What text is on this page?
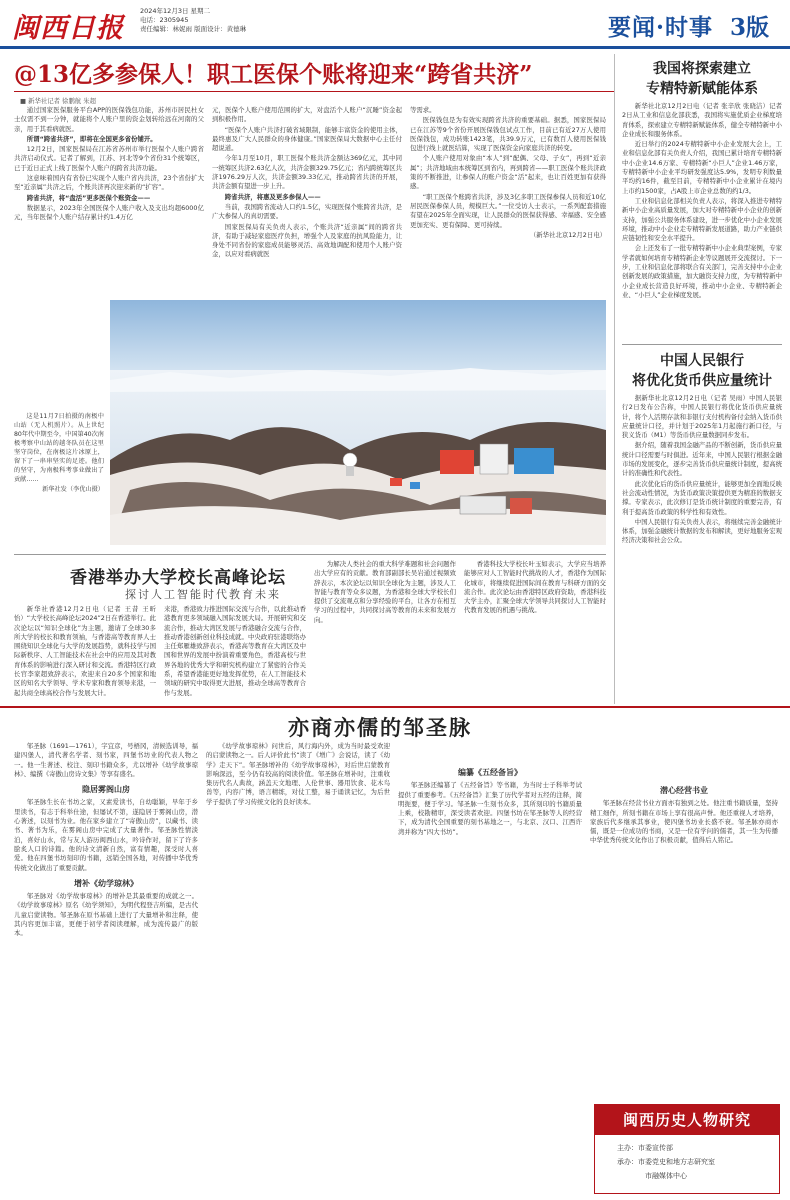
闽西日报
2024年12月3日 星期二
电话：2305945
责任编辑：林妮雨 版面设计：黄德琳	要闻·时事 3版
@13亿多参保人！职工医保个账将迎来“跨省共济”
■ 新华社记者 徐鹏航 朱超

通过国家医保服务平台APP的医保钱包功能，苏州市居民杜女士仅需不到一分钟，就能将个人账户里的资金划转给远在河南的父亲，用于其看病就医。

所谓“跨省共济”，即将在全国更多省份铺开。

12月2日，国家医保局在江苏省苏州市举行医保个人账户跨省共济启动仪式。记者了解到，江苏、河北等9个省份31个统筹区，已于近日正式上线了医保个人账户的跨省共济功能。

这意味着国内有省份已实现个人账户省内共济，23个省份扩大至“近亲属”共济之后，个账共济再次迎来新的“扩容”。

跨省共济，将“盘活”更多医保个账资金——

数据显示，2023年全国医保个人账户收入及支出均超6000亿元，当年医保个人账户结存累计约1.4万亿

元，医保个人账户使用范围的扩大，对盘活个人账户“沉睡”资金起到积极作用。

“医保个人账户共济打破省域限制，能够丰富资金的使用主体，最终惠及广大人民群众的身体健康。”国家医保局大数据中心主任付超说道。

今年1月至10月，职工医保个账共济金额达369亿元，其中同一统筹区共济2.63亿人次，共济金额329.75亿元；省内跨统筹区共济1976.29万人次，共济金额39.33亿元，推动跨省共济的开展，共济金额有望进一步上升。

跨省共济，将惠及更多参保人——

当前，我国跨省流动人口约1.5亿，实现医保个账跨省共济，是广大参保人的真切需要。

国家医保局有关负责人表示，个账共济“近亲属”间的跨省共济，有助于减轻家庭医疗负担，增强个人及家庭的抗风险能力，让身处不同省份的家庭成员能够灵活、高效地调配和使用个人账户资金，以应对看病就医

等需求。

医保钱包是为有效实现跨省共济的重要基础。据悉，国家医保局已在江苏等9个省份开展医保钱包试点工作，目前已有近27万人使用医保钱包，成功转账1423笔，共39.9万元，已有数百人使用医保钱包进行线上就医结算，实现了医保资金向家庭共济的转变。

个人账户使用对象由“本人”到“配偶、父母、子女”，再到“近亲属”；共济地域由本统筹区到省内，再到跨省——职工医保个账共济政策的不断推进，让参保人的账户资金“活”起来，也让百姓更加有获得感。

“职工医保个账跨省共济，涉及3亿多职工医保参保人员和近10亿居民医保参保人员，规模巨大。”一位受访人士表示，一系列配套措施有望在2025年全面实现，让人民群众的医保获得感、幸福感、安全感更加充实、更有保障、更可持续。

（新华社北京12月2日电）

这是11月7日拍摄的南极中山站（无人机照片）。从上世纪80年代中期至今，中国第40次南极考察中山站的越冬队员在这里坚守岗位，在南极这片冰原上，留下了一串串坚实的足迹。他们的坚守，为南极科考事业做出了贡献……

新华社发（李优山摄）
香港举办大学校长高峰论坛
探讨人工智能时代教育未来

新华社香港12月2日电（记者 王昔 王昕怡）“大学校长高峰论坛2024”2日在香港举行。此次论坛以“知识全球化”为主题，邀请了全球30多所大学的校长和教育领袖，与香港高等教育界人士围绕知识全球化与大学的发展趋势，就科技学与国际新秩序、人工智能技术在社会中的应用及其对教育体系的影响进行深入研讨和交流。香港特区行政长官李家超致辞表示，欢迎来自20多个国家和地区的知名大学领导、学术专家和教育领导来港，一起共商全球高校合作与发展大计。

来港，香港致力推进国际交流与合作，以此推动香港教育更多领域融入国际发展大局。开展研究和交流合作，推动大湾区发展与香港融合交流与合作，推动香港创新创业科技成就。中央政府驻港联络办主任郑雁雄致辞表示，香港高等教育在大湾区及中国和世界的发展中扮演着重要角色，香港高校与世界各地的优秀大学和研究机构建立了紧密的合作关系，希望香港能更好地发挥优势，在人工智能技术领域的研究中取得更大进展，推动全球高等教育合作与发展。

为解决人类社会的重大科学难题和社会问题作出大学应有的贡献。教育部副部长吴岩通过视频致辞表示，本次论坛以知识全球化为主题，涉及人工智能与教育等众多议题，为香港和全球大学校长们提供了交流观点和分享经验的平台，让各方在相互学习的过程中，共同探讨高等教育的未来和发展方向。

香港科技大学校长叶玉如表示，大学应当培养能够应对人工智能时代挑战的人才，香港作为国际化城市，将继续促进国际间在教育与科研方面的交流合作。此次论坛由香港特区政府资助，香港科技大学主办，汇聚全球大学领导共同探讨人工智能时代教育发展的机遇与挑战。

我国将探索建立
专精特新赋能体系

新华社北京12月2日电（记者 张辛欣 张晓洁）记者2日从工业和信息化部获悉，我国将实施优质企业梯度培育体系，探索建立专精特新赋能体系，健全专精特新中小企业成长和服务体系。

近日举行的2024专精特新中小企业发展大会上，工业和信息化部有关负责人介绍，我国已累计培育专精特新中小企业14.6万家、专精特新“小巨人”企业1.46万家，专精特新中小企业平均研发强度达5.9%，发明专利数量平均约16件，截至目前，专精特新中小企业累计在境内上市约1500家，占A股上市企业总数的约1/3。

工业和信息化部相关负责人表示，将深入推进专精特新中小企业高质量发展，加大对专精特新中小企业的创新支持，加强公共服务体系建设，进一步优化中小企业发展环境，推动中小企业走专精特新发展道路，助力产业链供应链韧性和安全水平提升。

会上还发布了一批专精特新中小企业典型案例，专家学者就如何培育专精特新企业等议题展开交流探讨。下一步，工业和信息化部将联合有关部门，完善支持中小企业创新发展的政策措施，加大融资支持力度，为专精特新中小企业成长营造良好环境，推动中小企业、专精特新企业、“小巨人”企业梯度发展。

中国人民银行
将优化货币供应量统计

据新华社北京12月2日电（记者 吴雨）中国人民银行2日发布公告称，中国人民银行将优化货币供应量统计，将个人活期存款和非银行支付机构备付金纳入货币供应量统计口径，并计划于2025年1月起施行新口径，与狭义货币（M1）等货币供应量数据同步发布。

据介绍，随着我国金融产品的不断创新，货币供应量统计口径需要与时俱进。近年来，中国人民银行根据金融市场的发展变化，逐步完善货币供应量统计制度，提高统计的准确性和代表性。

此次优化后的货币供应量统计，能够更加全面地反映社会流动性情况，为货币政策决策提供更为精准的数据支撑。专家表示，此次修订是货币统计制度的重要完善，有利于提高货币政策的科学性和有效性。

中国人民银行有关负责人表示，将继续完善金融统计体系，加强金融统计数据的发布和解读，更好地服务宏观经济决策和社会公众。

亦商亦儒的邹圣脉

邹圣脉（1691—1761），字宜彦，号梧冈，清候选训导，福建四堡人，清代著名学者、刻书家，四堡书坊业的代表人物之一。他一生著述、校注、刻印书籍众多，尤以增补《幼学故事琼林》、编撰《寄傲山房诗文集》等享有盛名。

隐居雾阁山房

邹圣脉生长在书坊之家，又素爱读书，自幼聪颖，早年于乡里读书，有志于科举仕途，但屡试不第，遂隐居于雾阁山房，潜心著述，以刻书为业。他在家乡建立了“寄傲山房”，以藏书、读书、著书为乐，在雾阁山房中完成了大量著作。邹圣脉性情淡泊，喜好山水，常与友人游历闽西山水，吟诗作对，留下了许多脍炙人口的诗篇。他的诗文清新自然，富有情趣，深受时人喜爱。他在四堡书坊刻印的书籍，远销全国各地，对传播中华优秀传统文化做出了重要贡献。

增补《幼学琼林》

邹圣脉对《幼学故事琼林》的增补是其最重要的成就之一。《幼学故事琼林》原名《幼学须知》，为明代程登吉所编，是古代儿童启蒙读物。邹圣脉在原书基础上进行了大量增补和注释，使其内容更加丰富，更便于初学者阅读理解，成为流传最广的版本。

《幼学故事琼林》问世后，风行海内外，成为当时最受欢迎的启蒙读物之一。后人评价此书“读了《增广》会说话，读了《幼学》走天下”。邹圣脉增补的《幼学故事琼林》，对后世启蒙教育影响深远，至今仍有较高的阅读价值。邹圣脉在增补时，注重收集历代名人典故，涵盖天文地理、人伦世事、器用饮食、花木鸟兽等，内容广博，语言精练，对仗工整，易于诵读记忆，为后世学子提供了学习传统文化的良好读本。

编纂《五经备旨》

邹圣脉还编纂了《五经备旨》等书籍，为当时士子科举考试提供了重要参考。《五经备旨》汇集了历代学者对五经的注释，简明扼要，便于学习。邹圣脉一生刻书众多，其所刻印的书籍质量上乘，校勘精审，深受读者欢迎。四堡书坊在邹圣脉等人的经营下，成为清代全国重要的刻书基地之一，与北京、汉口、江西许湾并称为“四大书坊”。

潜心经营书业

邹圣脉在经营书业方面亦有独到之处。他注重书籍质量，坚持精工细作，所刻书籍在市场上享有很高声誉。他还重视人才培养，家族后代多继承其事业，使四堡书坊业长盛不衰。邹圣脉亦商亦儒，既是一位成功的书商，又是一位有学问的儒者，其一生为传播中华优秀传统文化作出了积极贡献，值得后人铭记。

闽西历史人物研究
主办：市委宣传部
承办：市委党史和地方志研究室
市融媒体中心
